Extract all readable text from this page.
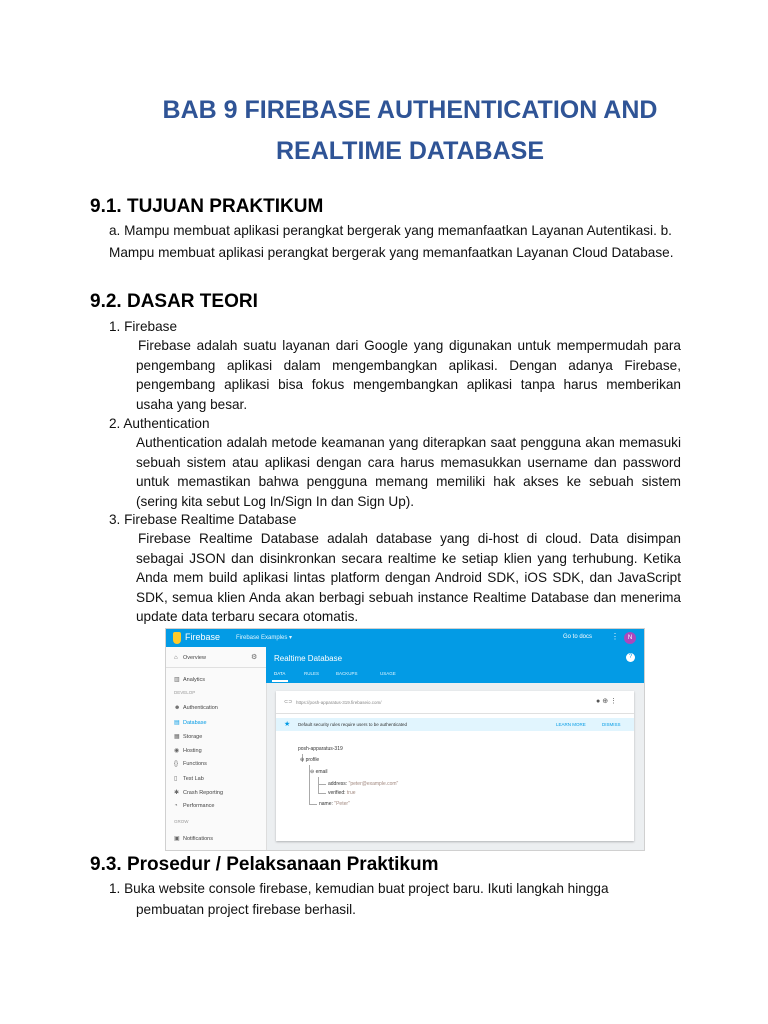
BAB 9 FIREBASE AUTHENTICATION AND
REALTIME DATABASE
9.1. TUJUAN PRAKTIKUM
a. Mampu membuat aplikasi perangkat bergerak yang memanfaatkan Layanan Autentikasi. b.
Mampu membuat aplikasi perangkat bergerak yang memanfaatkan Layanan Cloud Database.
9.2. DASAR TEORI
1. Firebase
Firebase adalah suatu layanan dari Google yang digunakan untuk mempermudah para pengembang aplikasi dalam mengembangkan aplikasi. Dengan adanya Firebase, pengembang aplikasi bisa fokus mengembangkan aplikasi tanpa harus memberikan usaha yang besar.
2. Authentication
Authentication adalah metode keamanan yang diterapkan saat pengguna akan memasuki sebuah sistem atau aplikasi dengan cara harus memasukkan username dan password untuk memastikan bahwa pengguna memang memiliki hak akses ke sebuah sistem (sering kita sebut Log In/Sign In dan Sign Up).
3. Firebase Realtime Database
Firebase Realtime Database adalah database yang di-host di cloud. Data disimpan sebagai JSON dan disinkronkan secara realtime ke setiap klien yang terhubung. Ketika Anda mem build aplikasi lintas platform dengan Android SDK, iOS SDK, dan JavaScript SDK, semua klien Anda akan berbagi sebuah instance Realtime Database dan menerima update data terbaru secara otomatis.
Firebase	Firebase Examples ▾	Go to docs ⋮	N
⌂ Overview	⚙
▥ Analytics
DEVELOP
☻ Authentication
▤ Database
▦ Storage
◉ Hosting
{} Functions
▯ Test Lab
✱ Crash Reporting
◔ Performance
GROW
▣ Notifications
Realtime Database	?
DATA	RULES	BACKUPS	USAGE
⊂⊃ https://posh-apparatus-319.firebaseio.com/	●⊕⋮
★ Default security rules require users to be authenticated	LEARN MORE	DISMISS
posh-apparatus-319
⊖ profile
⊖ email
address: "peter@example.com"
verified: true
name: "Peter"
9.3. Prosedur / Pelaksanaan Praktikum
1. Buka website console firebase, kemudian buat project baru. Ikuti langkah hingga
pembuatan project firebase berhasil.
